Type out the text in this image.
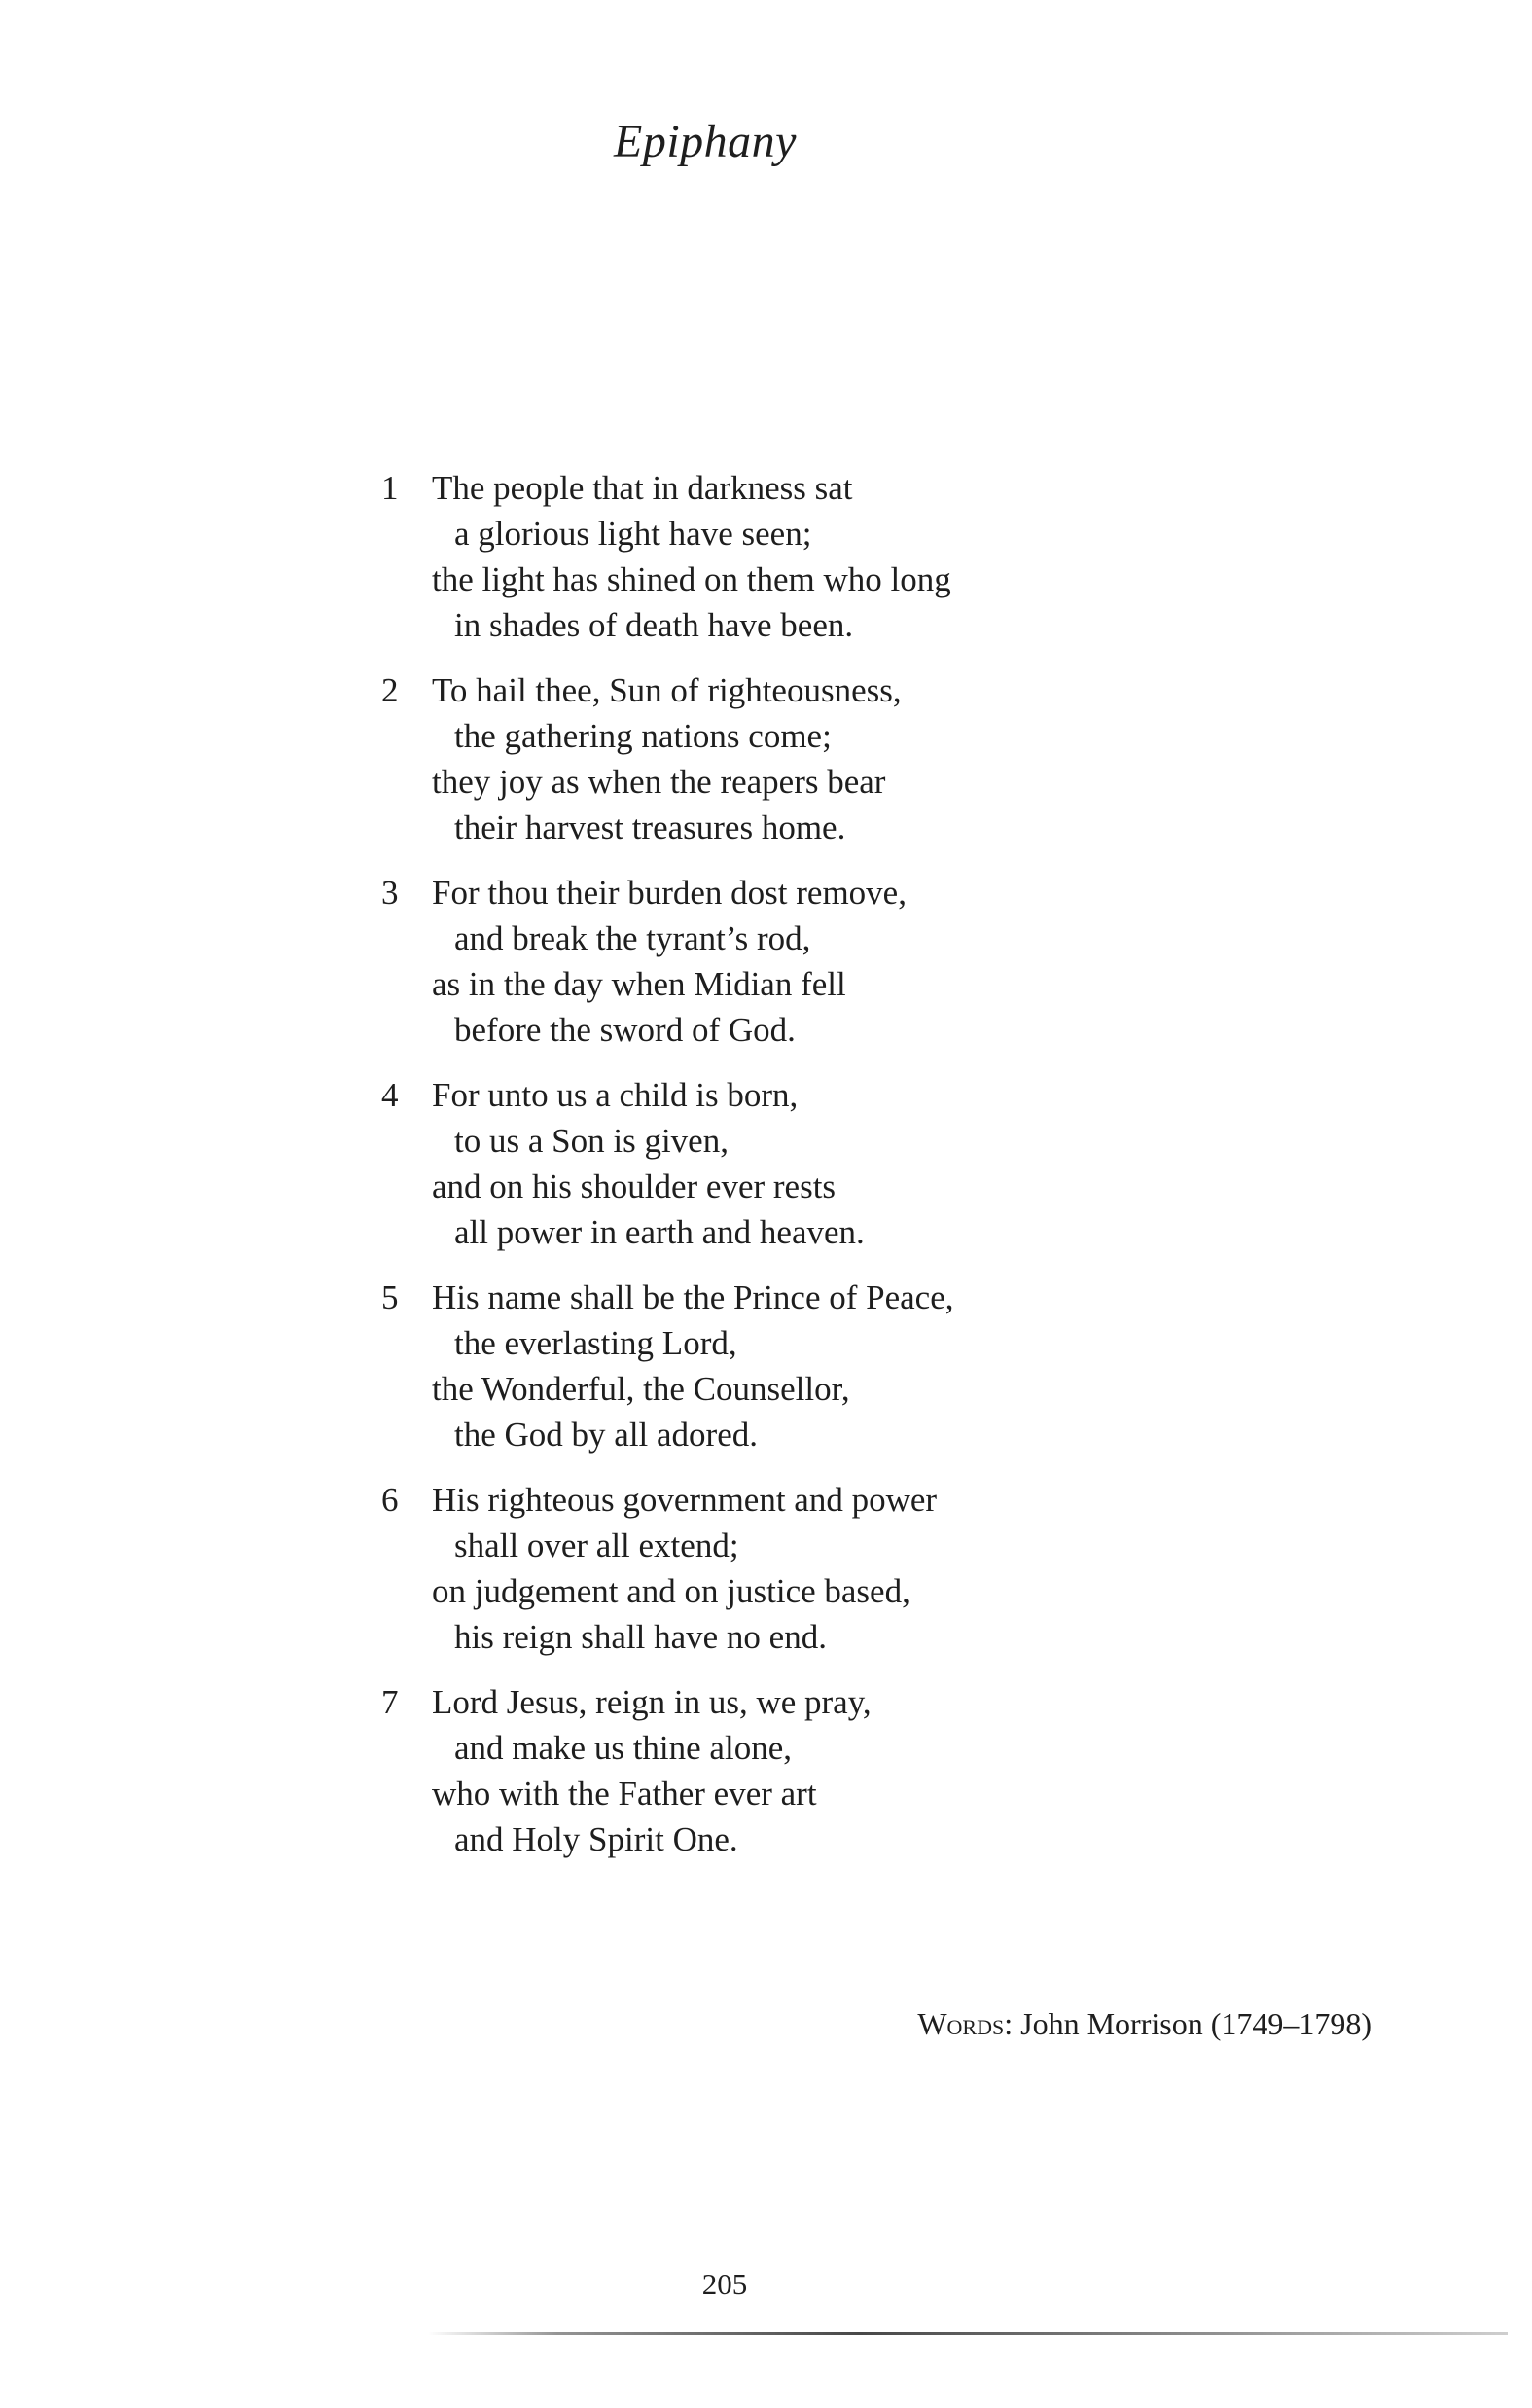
Epiphany
1 The people that in darkness sat
a glorious light have seen;
the light has shined on them who long
in shades of death have been.
2 To hail thee, Sun of righteousness,
the gathering nations come;
they joy as when the reapers bear
their harvest treasures home.
3 For thou their burden dost remove,
and break the tyrant’s rod,
as in the day when Midian fell
before the sword of God.
4 For unto us a child is born,
to us a Son is given,
and on his shoulder ever rests
all power in earth and heaven.
5 His name shall be the Prince of Peace,
the everlasting Lord,
the Wonderful, the Counsellor,
the God by all adored.
6 His righteous government and power
shall over all extend;
on judgement and on justice based,
his reign shall have no end.
7 Lord Jesus, reign in us, we pray,
and make us thine alone,
who with the Father ever art
and Holy Spirit One.
Words: John Morrison (1749–1798)
205
